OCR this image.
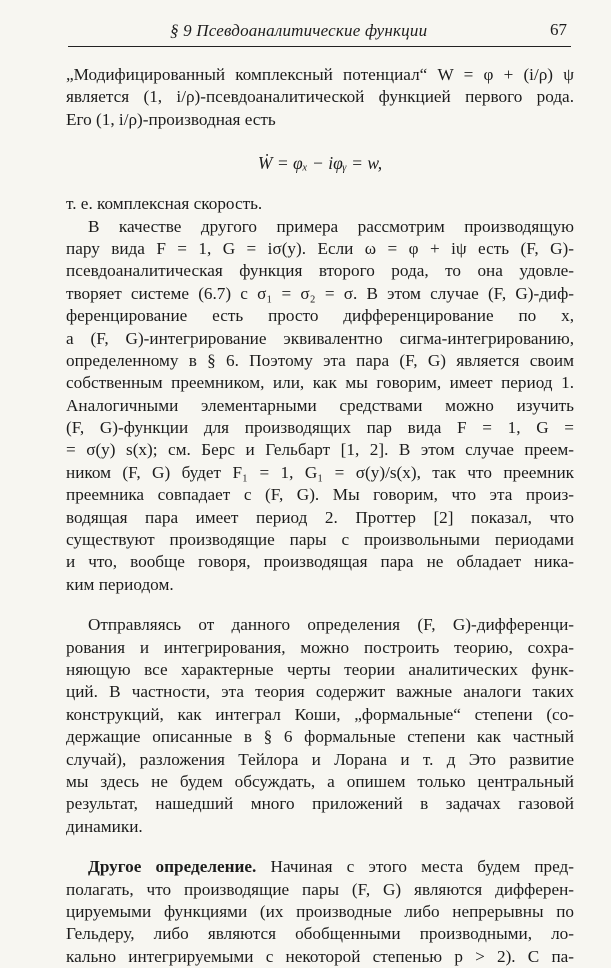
§ 9 Псевдоаналитические функции	67
„Модифицированный комплексный потенциал“ W = φ + (i/ρ) ψ
является (1, i/ρ)-псевдоаналитической функцией первого рода.
Его (1, i/ρ)-производная есть
Ẇ = φₓ − iφᵧ = w,
т. е. комплексная скорость.
В качестве другого примера рассмотрим производящую
пару вида F = 1, G = iσ(y). Если ω = φ + iψ есть (F, G)-
псевдоаналитическая функция второго рода, то она удовле-
творяет системе (6.7) с σ₁ = σ₂ = σ. В этом случае (F, G)-диф-
ференцирование есть просто дифференцирование по x,
а (F, G)-интегрирование эквивалентно сигма-интегрированию,
определенному в § 6. Поэтому эта пара (F, G) является своим
собственным преемником, или, как мы говорим, имеет период 1.
Аналогичными элементарными средствами можно изучить
(F, G)-функции для производящих пар вида F = 1, G =
= σ(y) s(x); см. Берс и Гельбарт [1, 2]. В этом случае преем-
ником (F, G) будет F₁ = 1, G₁ = σ(y)/s(x), так что преемник
преемника совпадает с (F, G). Мы говорим, что эта произ-
водящая пара имеет период 2. Проттер [2] показал, что
существуют производящие пары с произвольными периодами
и что, вообще говоря, производящая пара не обладает ника-
ким периодом.
Отправляясь от данного определения (F, G)-дифференци-
рования и интегрирования, можно построить теорию, сохра-
няющую все характерные черты теории аналитических функ-
ций. В частности, эта теория содержит важные аналоги таких
конструкций, как интеграл Коши, „формальные“ степени (со-
держащие описанные в § 6 формальные степени как частный
случай), разложения Тейлора и Лорана и т. д Это развитие
мы здесь не будем обсуждать, а опишем только центральный
результат, нашедший много приложений в задачах газовой
динамики.
Другое определение. Начиная с этого места будем пред-
полагать, что производящие пары (F, G) являются дифферен-
цируемыми функциями (их производные либо непрерывны по
Гельдеру, либо являются обобщенными производными, ло-
кально интегрируемыми с некоторой степенью p > 2). С па-
